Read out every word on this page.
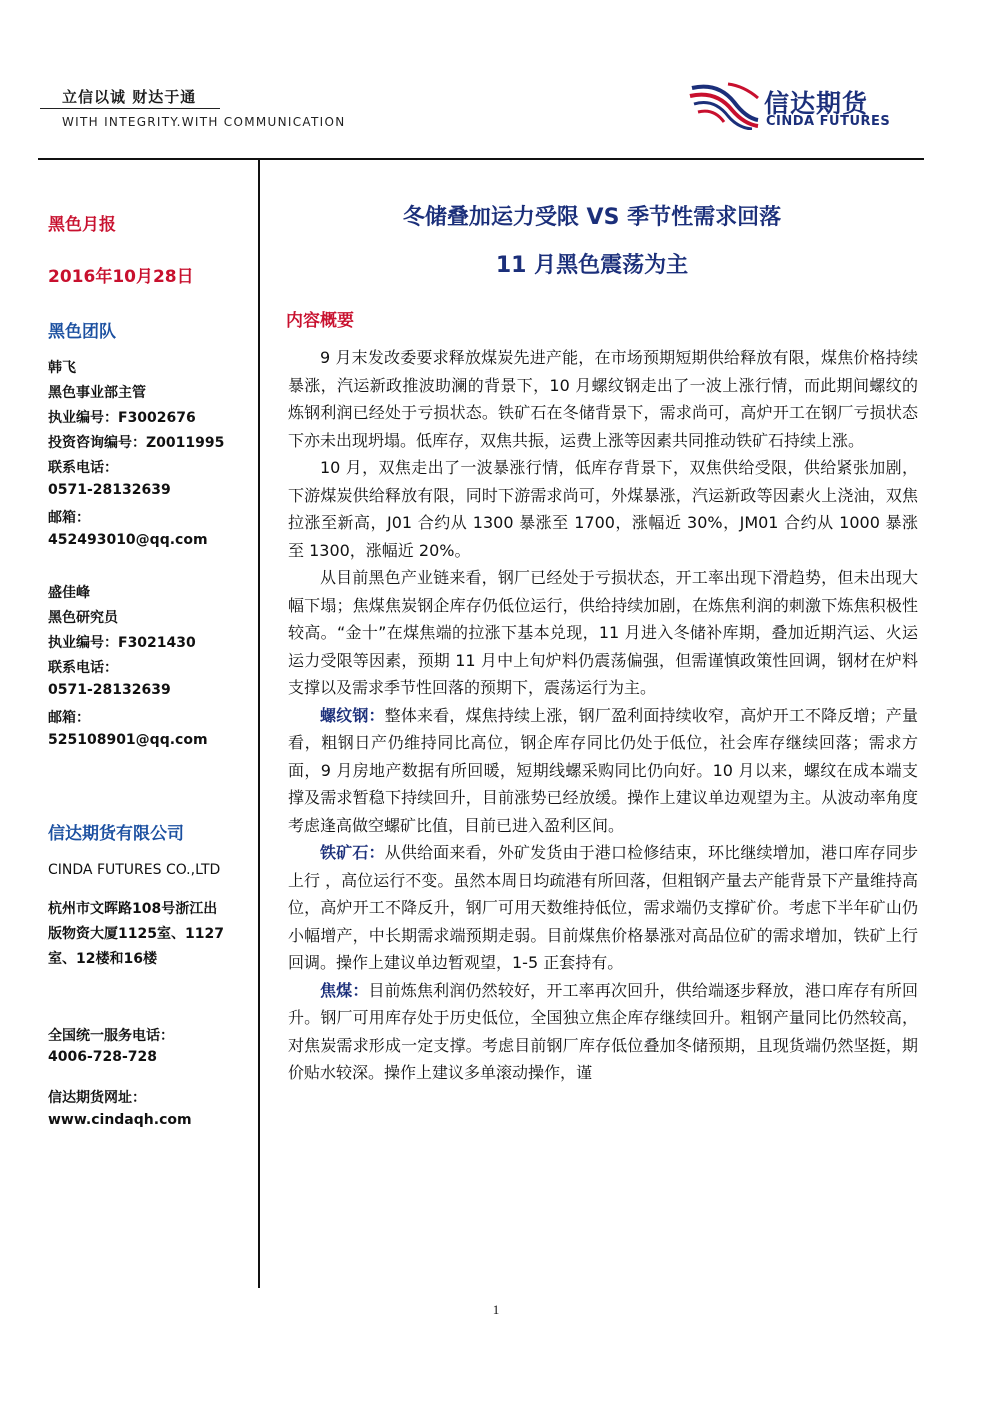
立信以诚 财达于通
WITH INTEGRITY.WITH COMMUNICATION
信达期货
CINDA FUTURES
黑色月报
2016年10月28日
黑色团队
韩飞
黑色事业部主管
执业编号：F3002676
投资咨询编号：Z0011995
联系电话：
0571-28132639
邮箱：
452493010@qq.com
盛佳峰
黑色研究员
执业编号：F3021430
联系电话：
0571-28132639
邮箱：
525108901@qq.com
信达期货有限公司
CINDA FUTURES CO.,LTD
杭州市文晖路108号浙江出
版物资大厦1125室、1127
室、12楼和16楼
全国统一服务电话：
4006-728-728
信达期货网址：
www.cindaqh.com
冬储叠加运力受限 VS 季节性需求回落
11 月黑色震荡为主
内容概要

9 月末发改委要求释放煤炭先进产能，在市场预期短期供给释放有限，煤焦价格持续暴涨，汽运新政推波助澜的背景下，10 月螺纹钢走出了一波上涨行情，而此期间螺纹的炼钢利润已经处于亏损状态。铁矿石在冬储背景下，需求尚可，高炉开工在钢厂亏损状态下亦未出现坍塌。低库存，双焦共振，运费上涨等因素共同推动铁矿石持续上涨。

10 月，双焦走出了一波暴涨行情，低库存背景下，双焦供给受限，供给紧张加剧，下游煤炭供给释放有限，同时下游需求尚可，外煤暴涨，汽运新政等因素火上浇油，双焦拉涨至新高，J01 合约从 1300 暴涨至 1700，涨幅近 30%，JM01 合约从 1000 暴涨至 1300，涨幅近 20%。

从目前黑色产业链来看，钢厂已经处于亏损状态，开工率出现下滑趋势，但未出现大幅下塌；焦煤焦炭钢企库存仍低位运行，供给持续加剧，在炼焦利润的刺激下炼焦积极性较高。“金十”在煤焦端的拉涨下基本兑现，11 月进入冬储补库期，叠加近期汽运、火运运力受限等因素，预期 11 月中上旬炉料仍震荡偏强，但需谨慎政策性回调，钢材在炉料支撑以及需求季节性回落的预期下，震荡运行为主。

螺纹钢：整体来看，煤焦持续上涨，钢厂盈利面持续收窄，高炉开工不降反增；产量看，粗钢日产仍维持同比高位，钢企库存同比仍处于低位，社会库存继续回落；需求方面，9 月房地产数据有所回暖，短期线螺采购同比仍向好。10 月以来，螺纹在成本端支撑及需求暂稳下持续回升，目前涨势已经放缓。操作上建议单边观望为主。从波动率角度考虑逢高做空螺矿比值，目前已进入盈利区间。

铁矿石：从供给面来看，外矿发货由于港口检修结束，环比继续增加，港口库存同步上行 ，高位运行不变。虽然本周日均疏港有所回落，但粗钢产量去产能背景下产量维持高位，高炉开工不降反升，钢厂可用天数维持低位，需求端仍支撑矿价。考虑下半年矿山仍小幅增产，中长期需求端预期走弱。目前煤焦价格暴涨对高品位矿的需求增加，铁矿上行回调。操作上建议单边暂观望，1-5 正套持有。

焦煤：目前炼焦利润仍然较好，开工率再次回升，供给端逐步释放，港口库存有所回升。钢厂可用库存处于历史低位，全国独立焦企库存继续回升。粗钢产量同比仍然较高，对焦炭需求形成一定支撑。考虑目前钢厂库存低位叠加冬储预期，且现货端仍然坚挺，期价贴水较深。操作上建议多单滚动操作，谨

1
